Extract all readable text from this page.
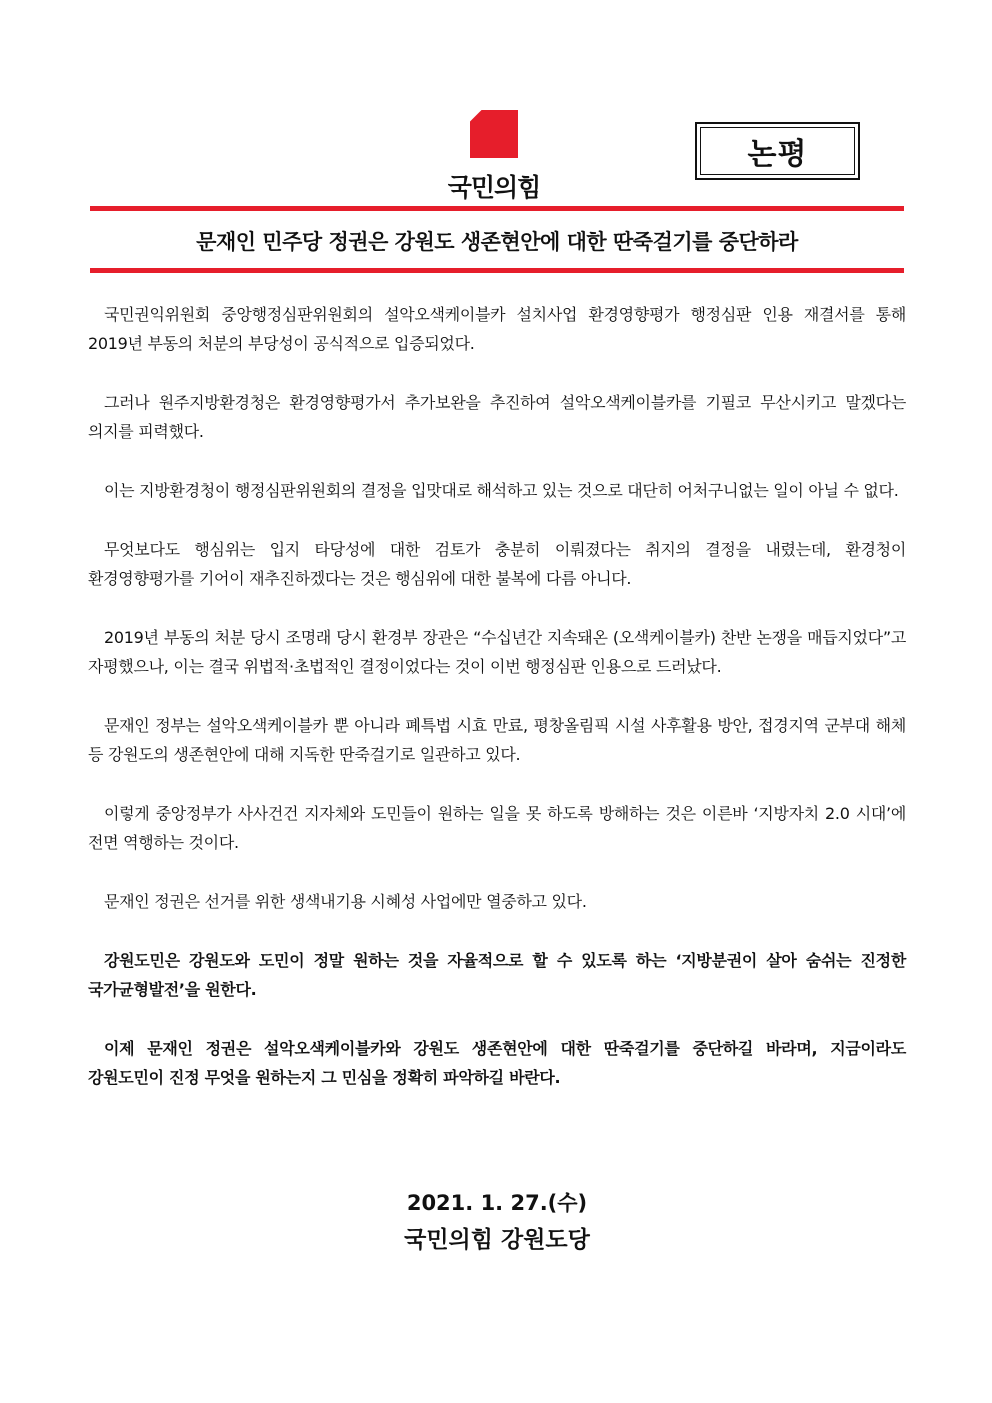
국민의힘
논평
문재인 민주당 정권은 강원도 생존현안에 대한 딴죽걸기를 중단하라

국민권익위원회 중앙행정심판위원회의 설악오색케이블카 설치사업 환경영향평가 행정심판 인용 재결서를 통해 2019년 부동의 처분의 부당성이 공식적으로 입증되었다.

그러나 원주지방환경청은 환경영향평가서 추가보완을 추진하여 설악오색케이블카를 기필코 무산시키고 말겠다는 의지를 피력했다.

이는 지방환경청이 행정심판위원회의 결정을 입맛대로 해석하고 있는 것으로 대단히 어처구니없는 일이 아닐 수 없다.

무엇보다도 행심위는 입지 타당성에 대한 검토가 충분히 이뤄졌다는 취지의 결정을 내렸는데, 환경청이 환경영향평가를 기어이 재추진하겠다는 것은 행심위에 대한 불복에 다름 아니다.

2019년 부동의 처분 당시 조명래 당시 환경부 장관은 “수십년간 지속돼온 (오색케이블카) 찬반 논쟁을 매듭지었다”고 자평했으나, 이는 결국 위법적·초법적인 결정이었다는 것이 이번 행정심판 인용으로 드러났다.

문재인 정부는 설악오색케이블카 뿐 아니라 폐특법 시효 만료, 평창올림픽 시설 사후활용 방안, 접경지역 군부대 해체 등 강원도의 생존현안에 대해 지독한 딴죽걸기로 일관하고 있다.

이렇게 중앙정부가 사사건건 지자체와 도민들이 원하는 일을 못 하도록 방해하는 것은 이른바 ‘지방자치 2.0 시대’에 전면 역행하는 것이다.

문재인 정권은 선거를 위한 생색내기용 시혜성 사업에만 열중하고 있다.

강원도민은 강원도와 도민이 정말 원하는 것을 자율적으로 할 수 있도록 하는 ‘지방분권이 살아 숨쉬는 진정한 국가균형발전’을 원한다.

이제 문재인 정권은 설악오색케이블카와 강원도 생존현안에 대한 딴죽걸기를 중단하길 바라며, 지금이라도 강원도민이 진정 무엇을 원하는지 그 민심을 정확히 파악하길 바란다.

2021. 1. 27.(수)
국민의힘 강원도당
